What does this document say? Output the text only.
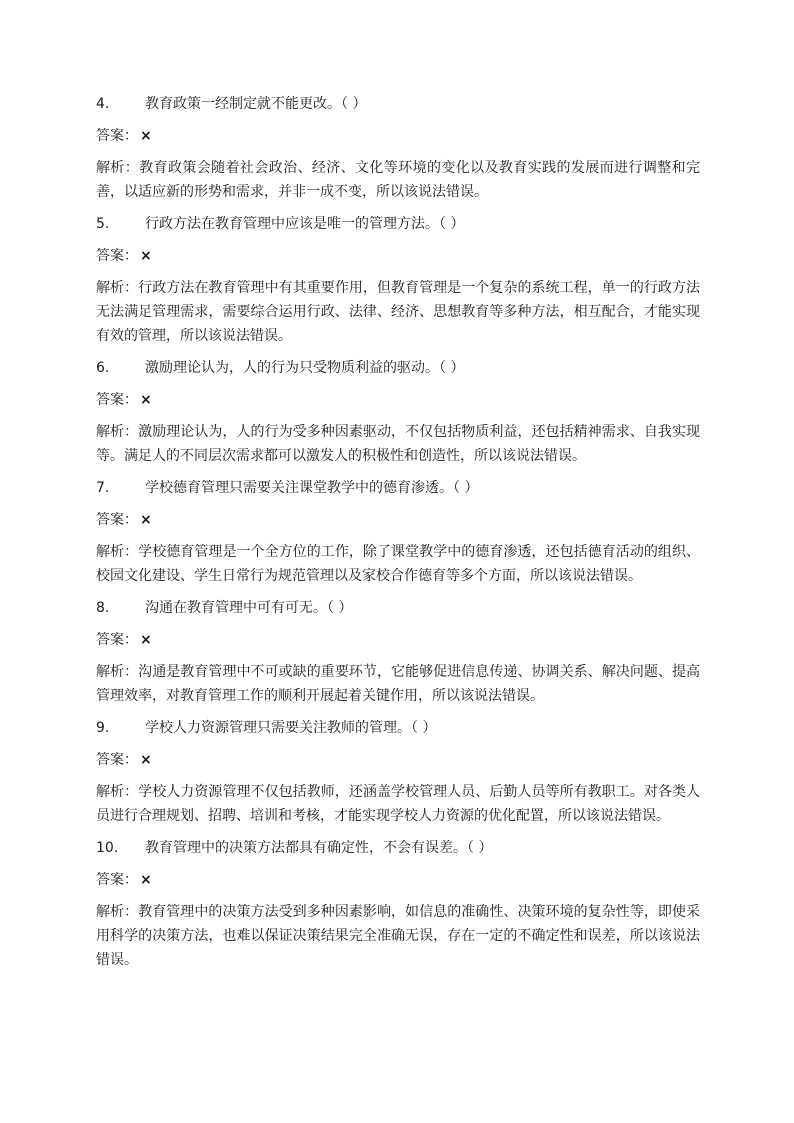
4.	教育政策一经制定就不能更改。（ ）
答案： ×
解析：教育政策会随着社会政治、经济、文化等环境的变化以及教育实践的发展而进行调整和完善，以适应新的形势和需求，并非一成不变，所以该说法错误。
5.	行政方法在教育管理中应该是唯一的管理方法。（ ）
答案： ×
解析：行政方法在教育管理中有其重要作用，但教育管理是一个复杂的系统工程，单一的行政方法无法满足管理需求，需要综合运用行政、法律、经济、思想教育等多种方法，相互配合，才能实现有效的管理，所以该说法错误。
6.	激励理论认为，人的行为只受物质利益的驱动。（ ）
答案： ×
解析：激励理论认为，人的行为受多种因素驱动，不仅包括物质利益，还包括精神需求、自我实现等。满足人的不同层次需求都可以激发人的积极性和创造性，所以该说法错误。
7.	学校德育管理只需要关注课堂教学中的德育渗透。（ ）
答案： ×
解析：学校德育管理是一个全方位的工作，除了课堂教学中的德育渗透，还包括德育活动的组织、校园文化建设、学生日常行为规范管理以及家校合作德育等多个方面，所以该说法错误。
8.	沟通在教育管理中可有可无。（ ）
答案： ×
解析：沟通是教育管理中不可或缺的重要环节，它能够促进信息传递、协调关系、解决问题、提高管理效率，对教育管理工作的顺利开展起着关键作用，所以该说法错误。
9.	学校人力资源管理只需要关注教师的管理。（ ）
答案： ×
解析：学校人力资源管理不仅包括教师，还涵盖学校管理人员、后勤人员等所有教职工。对各类人员进行合理规划、招聘、培训和考核，才能实现学校人力资源的优化配置，所以该说法错误。
10.	教育管理中的决策方法都具有确定性，不会有误差。（ ）
答案： ×
解析：教育管理中的决策方法受到多种因素影响，如信息的准确性、决策环境的复杂性等，即使采用科学的决策方法，也难以保证决策结果完全准确无误，存在一定的不确定性和误差，所以该说法错误。
